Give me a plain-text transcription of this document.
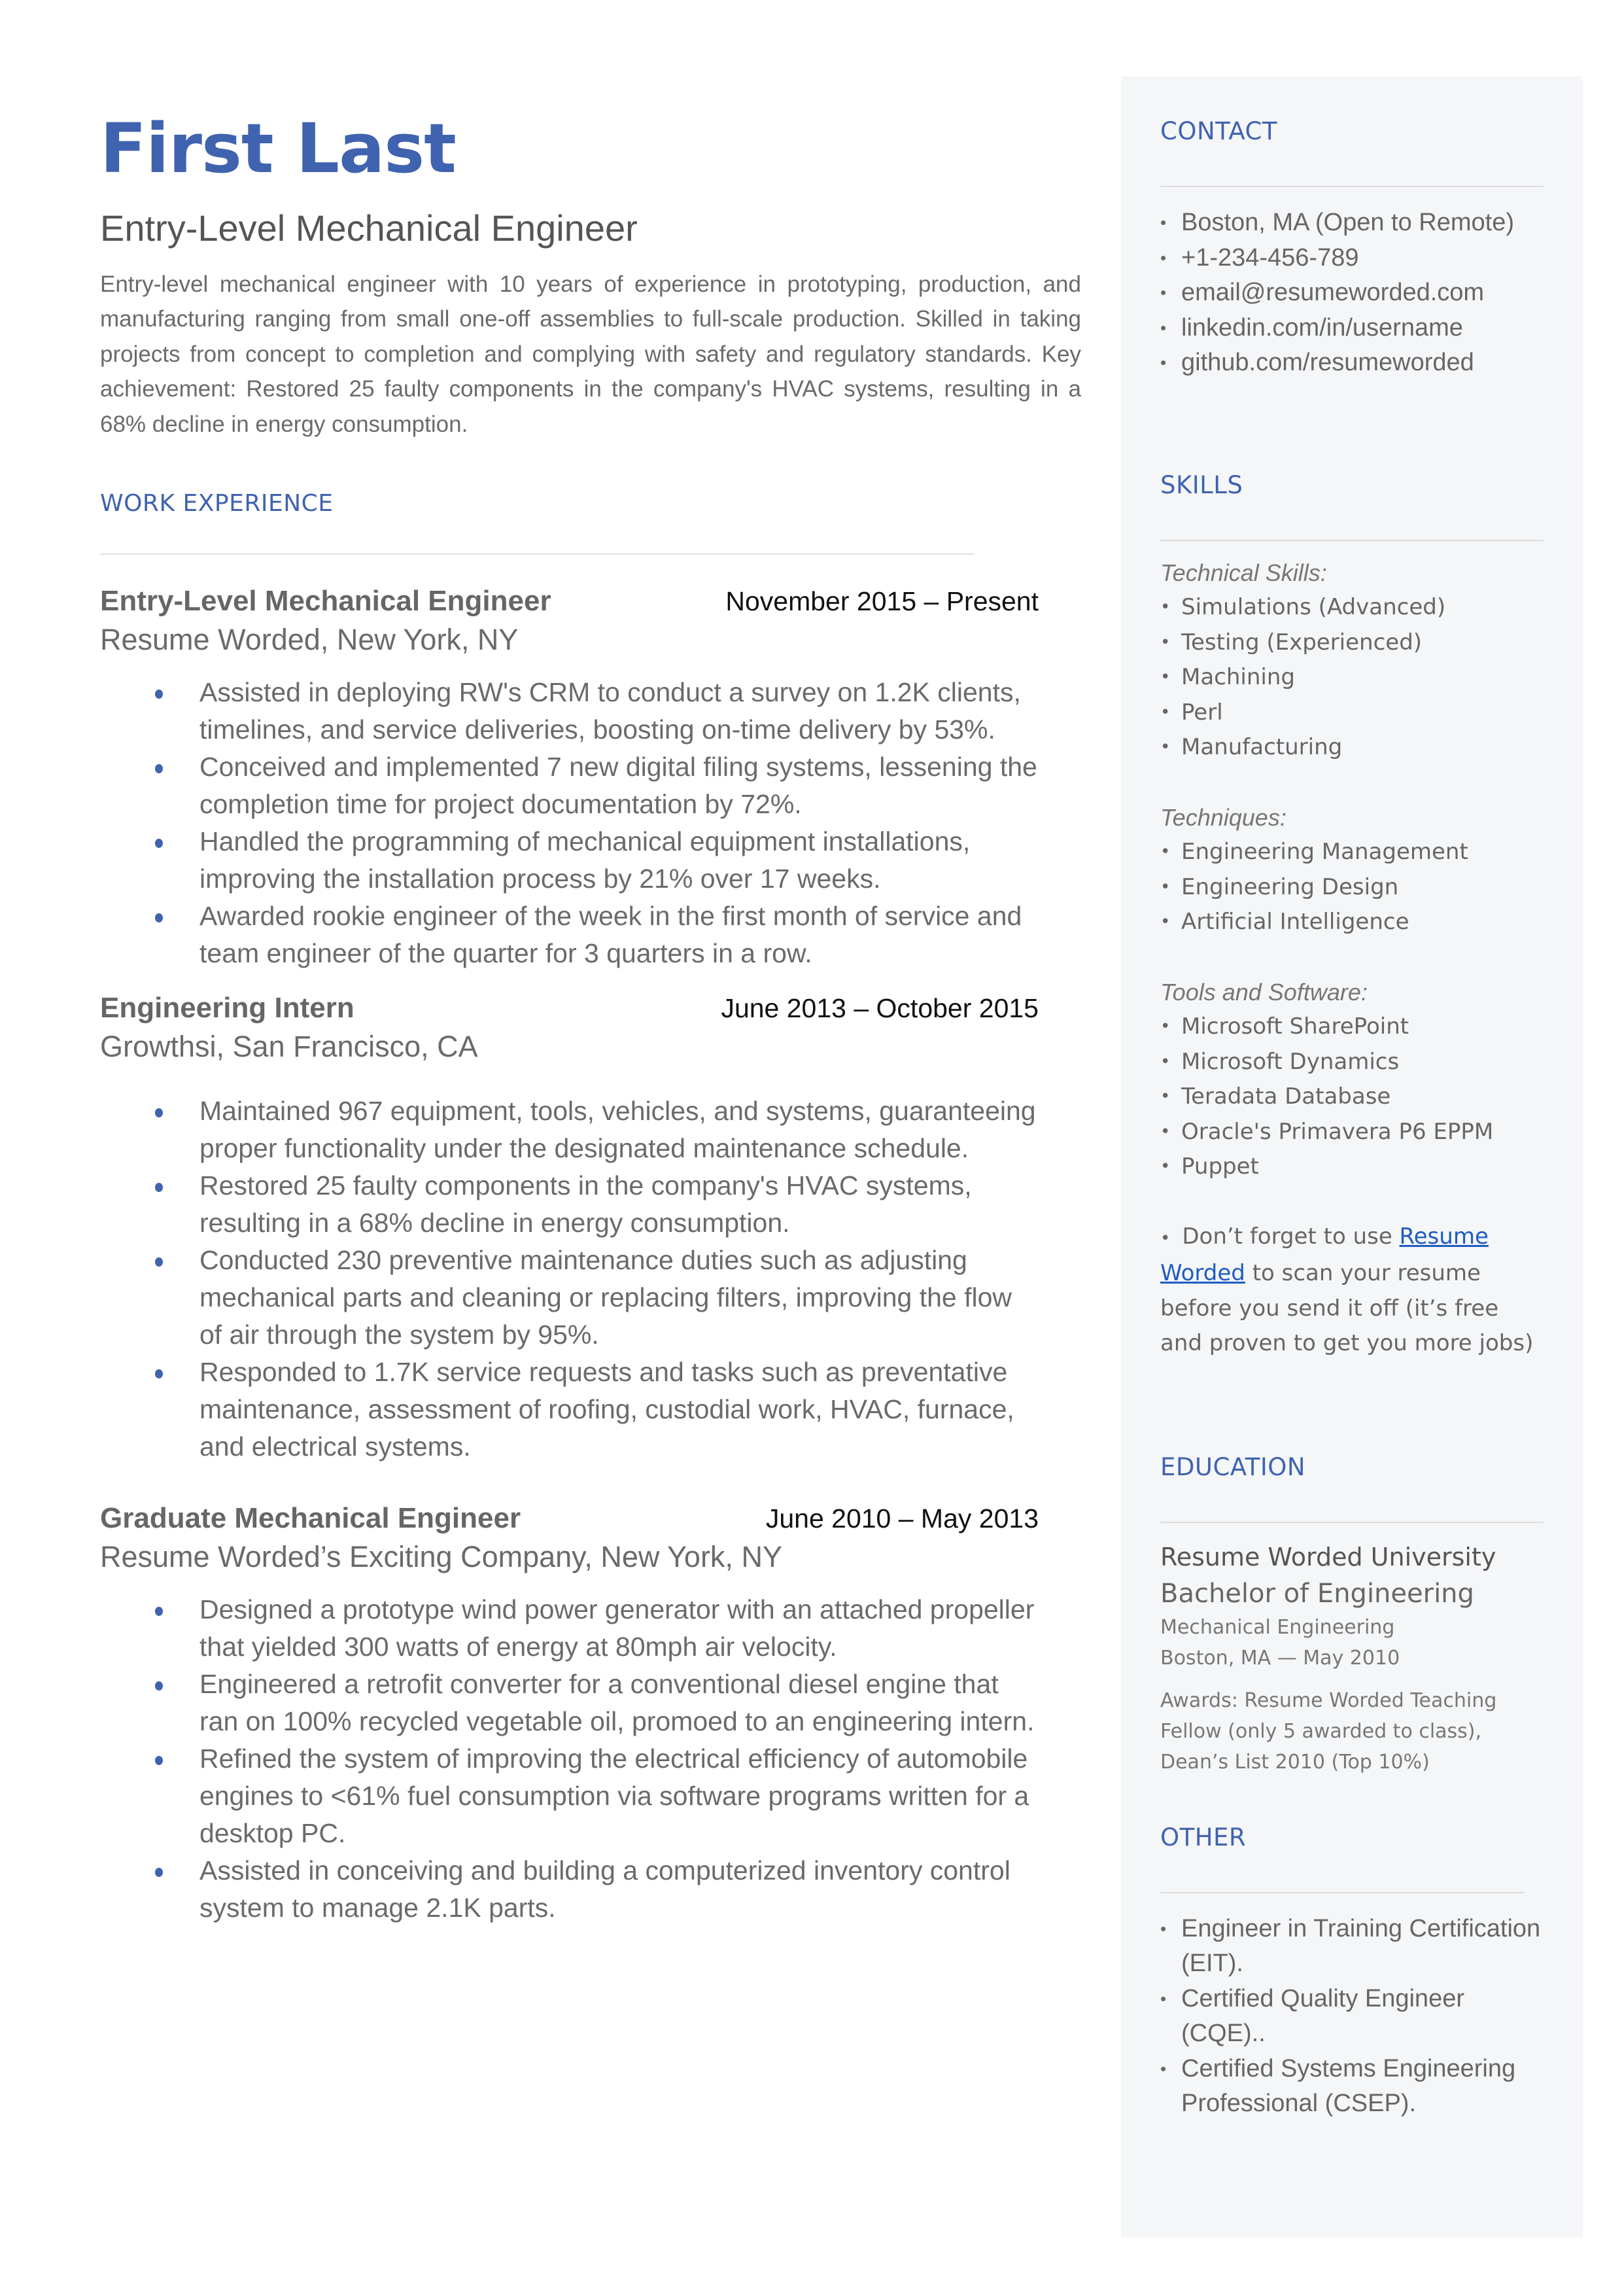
First Last
Entry-Level Mechanical Engineer
Entry-level mechanical engineer with 10 years of experience in prototyping, production, and manufacturing ranging from small one-off assemblies to full-scale production. Skilled in taking projects from concept to completion and complying with safety and regulatory standards. Key achievement: Restored 25 faulty components in the company's HVAC systems, resulting in a 68% decline in energy consumption.
WORK EXPERIENCE
Entry-Level Mechanical Engineer	November 2015 – Present
Resume Worded, New York, NY
Assisted in deploying RW's CRM to conduct a survey on 1.2K clients, timelines, and service deliveries, boosting on-time delivery by 53%.
Conceived and implemented 7 new digital filing systems, lessening the completion time for project documentation by 72%.
Handled the programming of mechanical equipment installations, improving the installation process by 21% over 17 weeks.
Awarded rookie engineer of the week in the first month of service and team engineer of the quarter for 3 quarters in a row.
Engineering Intern	June 2013 – October 2015
Growthsi, San Francisco, CA
Maintained 967 equipment, tools, vehicles, and systems, guaranteeing proper functionality under the designated maintenance schedule.
Restored 25 faulty components in the company's HVAC systems, resulting in a 68% decline in energy consumption.
Conducted 230 preventive maintenance duties such as adjusting mechanical parts and cleaning or replacing filters, improving the flow of air through the system by 95%.
Responded to 1.7K service requests and tasks such as preventative maintenance, assessment of roofing, custodial work, HVAC, furnace, and electrical systems.
Graduate Mechanical Engineer	June 2010 – May 2013
Resume Worded’s Exciting Company, New York, NY
Designed a prototype wind power generator with an attached propeller that yielded 300 watts of energy at 80mph air velocity.
Engineered a retrofit converter for a conventional diesel engine that ran on 100% recycled vegetable oil, promoed to an engineering intern.
Refined the system of improving the electrical efficiency of automobile engines to <61% fuel consumption via software programs written for a desktop PC.
Assisted in conceiving and building a computerized inventory control system to manage 2.1K parts.
CONTACT
• Boston, MA (Open to Remote)
• +1-234-456-789
• email@resumeworded.com
• linkedin.com/in/username
• github.com/resumeworded
SKILLS
Technical Skills:
• Simulations (Advanced)
• Testing (Experienced)
• Machining
• Perl
• Manufacturing
Techniques:
• Engineering Management
• Engineering Design
• Artificial Intelligence
Tools and Software:
• Microsoft SharePoint
• Microsoft Dynamics
• Teradata Database
• Oracle's Primavera P6 EPPM
• Puppet
• Don’t forget to use Resume Worded to scan your resume before you send it off (it’s free and proven to get you more jobs)
EDUCATION
Resume Worded University
Bachelor of Engineering
Mechanical Engineering
Boston, MA — May 2010
Awards: Resume Worded Teaching Fellow (only 5 awarded to class), Dean’s List 2010 (Top 10%)
OTHER
• Engineer in Training Certification (EIT).
• Certified Quality Engineer (CQE)..
• Certified Systems Engineering Professional (CSEP).
